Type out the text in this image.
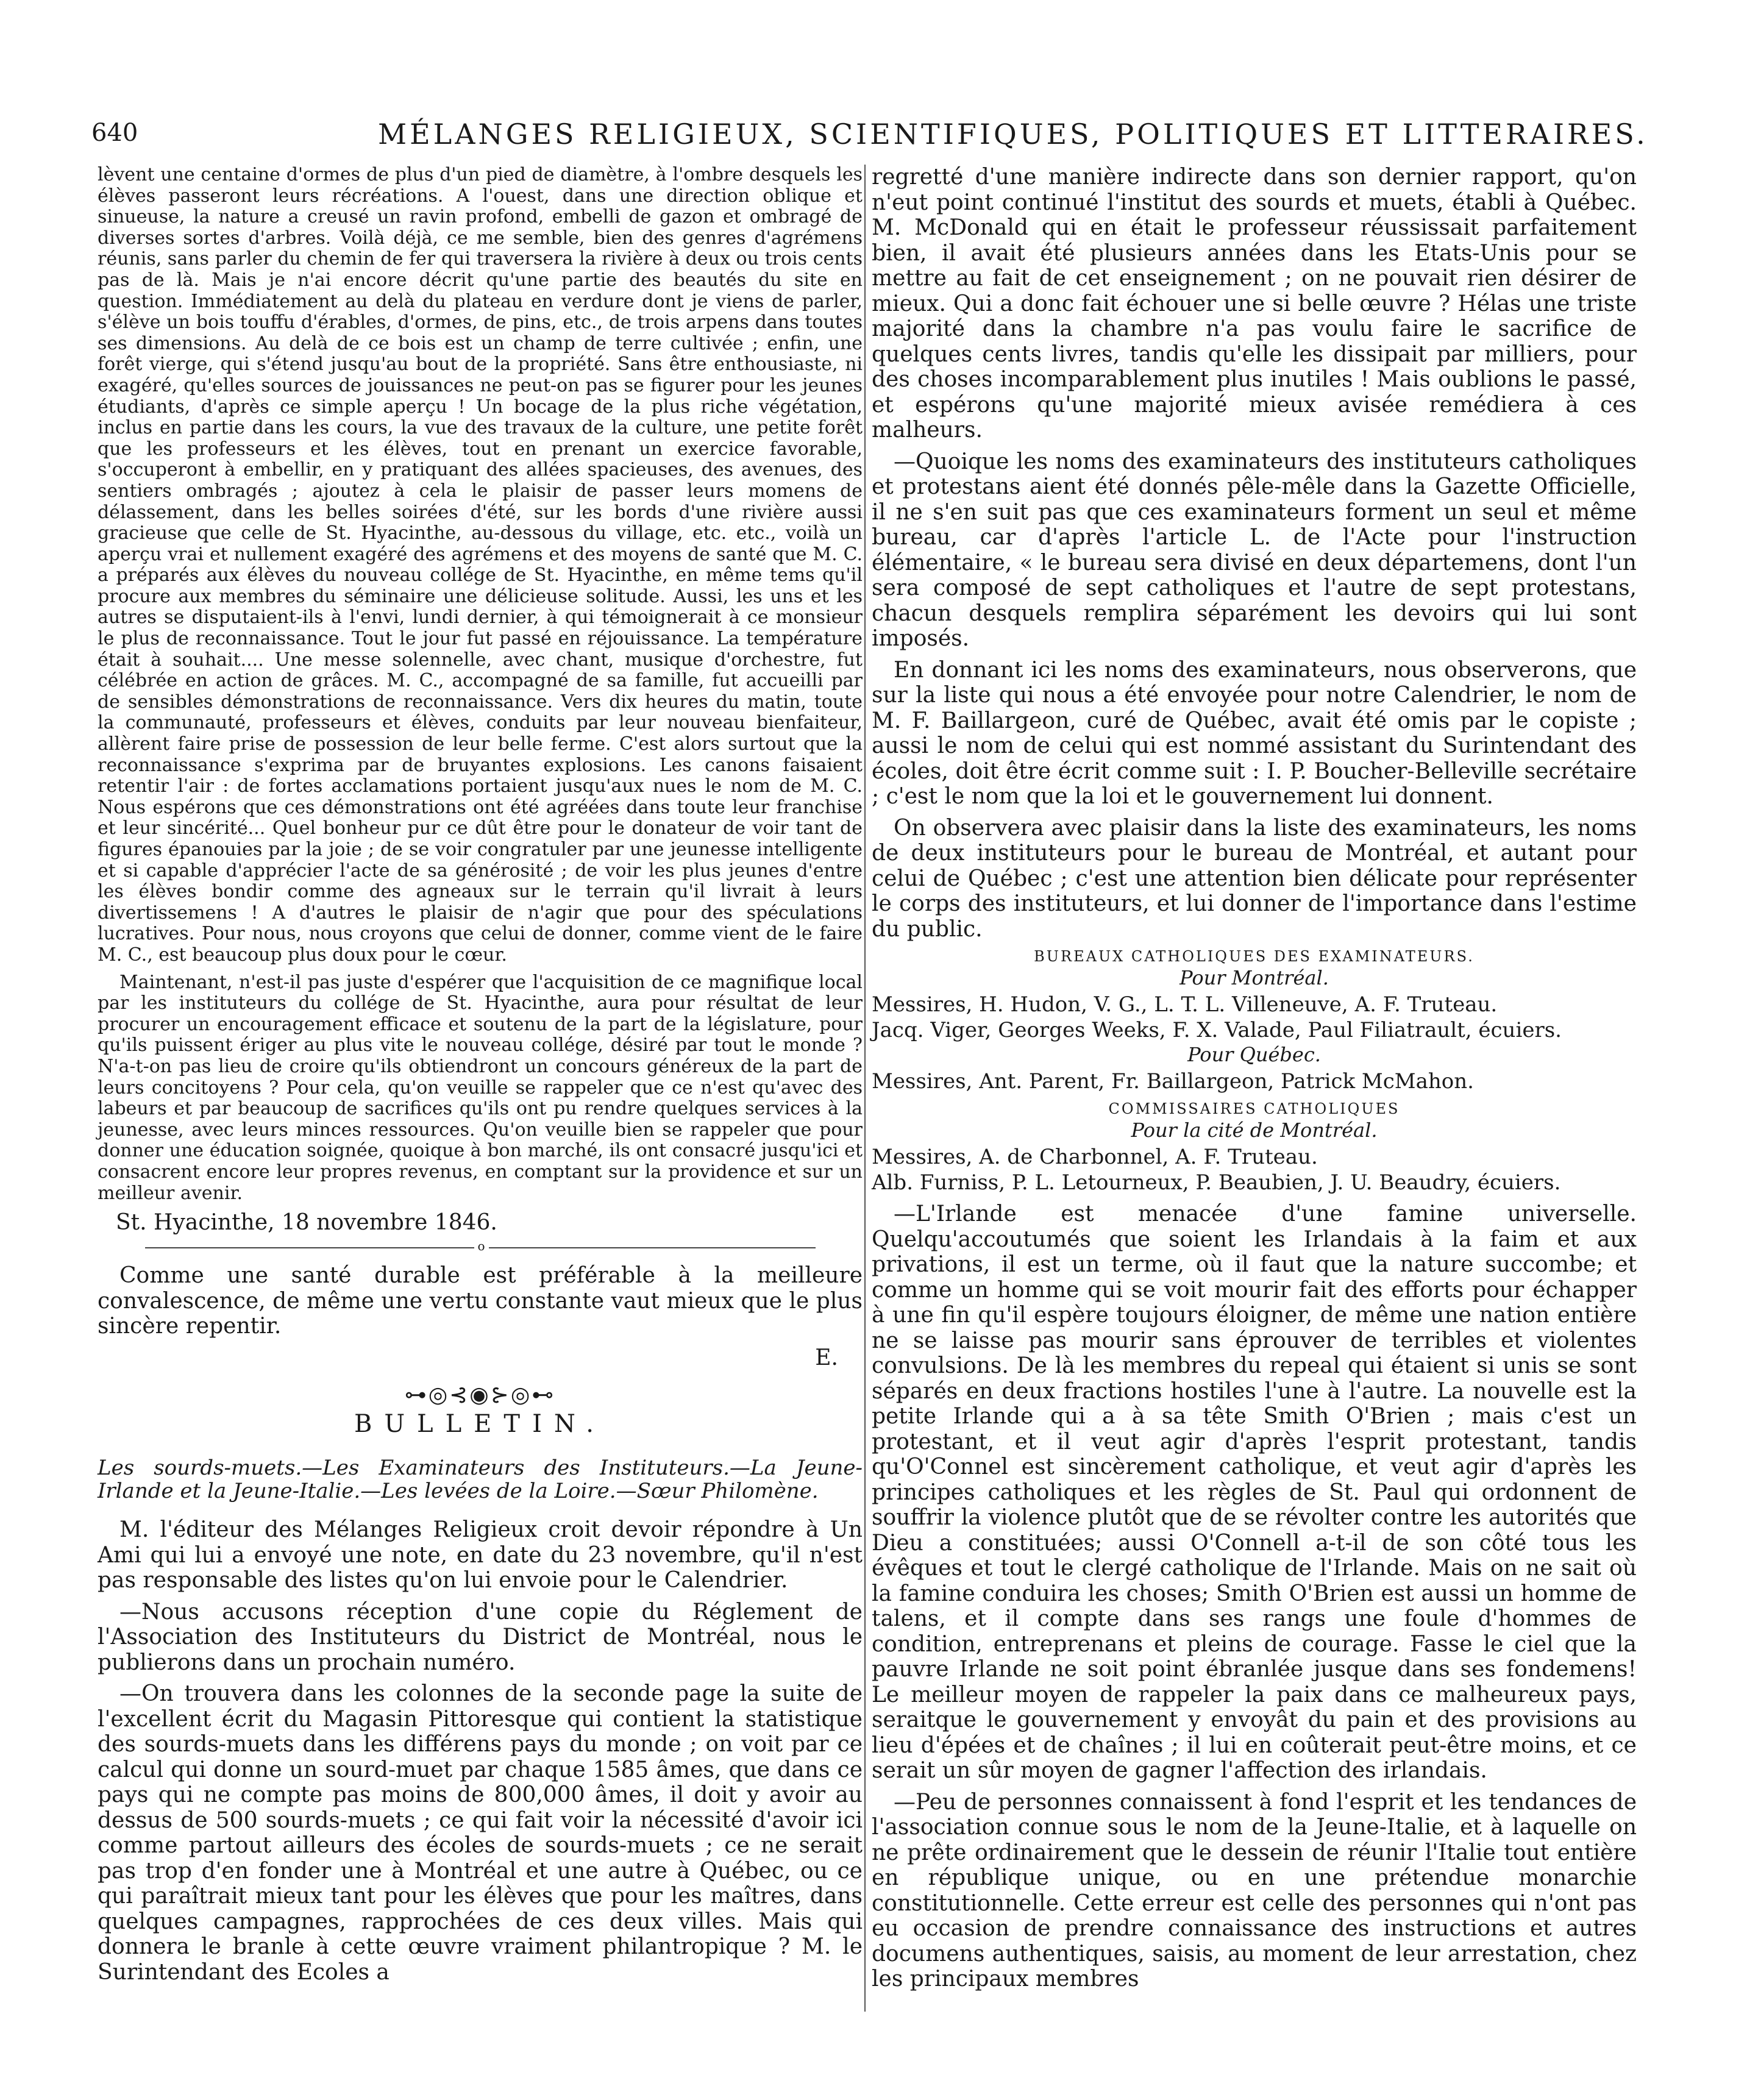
640	MÉLANGES RELIGIEUX, SCIENTIFIQUES, POLITIQUES ET LITTERAIRES.

lèvent une centaine d'ormes de plus d'un pied de diamètre, à l'ombre desquels les élèves passeront leurs récréations. A l'ouest, dans une direction oblique et sinueuse, la nature a creusé un ravin profond, embelli de gazon et ombragé de diverses sortes d'arbres. Voilà déjà, ce me semble, bien des genres d'agrémens réunis, sans parler du chemin de fer qui traversera la rivière à deux ou trois cents pas de là. Mais je n'ai encore décrit qu'une partie des beautés du site en question. Immédiatement au delà du plateau en verdure dont je viens de parler, s'élève un bois touffu d'érables, d'ormes, de pins, etc., de trois arpens dans toutes ses dimensions. Au delà de ce bois est un champ de terre cultivée ; enfin, une forêt vierge, qui s'étend jusqu'au bout de la propriété. Sans être enthousiaste, ni exagéré, qu'elles sources de jouissances ne peut-on pas se figurer pour les jeunes étudiants, d'après ce simple aperçu ! Un bocage de la plus riche végétation, inclus en partie dans les cours, la vue des travaux de la culture, une petite forêt que les professeurs et les élèves, tout en prenant un exercice favorable, s'occuperont à embellir, en y pratiquant des allées spacieuses, des avenues, des sentiers ombragés ; ajoutez à cela le plaisir de passer leurs momens de délassement, dans les belles soirées d'été, sur les bords d'une rivière aussi gracieuse que celle de St. Hyacinthe, au-dessous du village, etc. etc., voilà un aperçu vrai et nullement exagéré des agrémens et des moyens de santé que M. C. a préparés aux élèves du nouveau collége de St. Hyacinthe, en même tems qu'il procure aux membres du séminaire une délicieuse solitude. Aussi, les uns et les autres se disputaient-ils à l'envi, lundi dernier, à qui témoignerait à ce monsieur le plus de reconnaissance. Tout le jour fut passé en réjouissance. La température était à souhait.... Une messe solennelle, avec chant, musique d'orchestre, fut célébrée en action de grâces. M. C., accompagné de sa famille, fut accueilli par de sensibles démonstrations de reconnaissance. Vers dix heures du matin, toute la communauté, professeurs et élèves, conduits par leur nouveau bienfaiteur, allèrent faire prise de possession de leur belle ferme. C'est alors surtout que la reconnaissance s'exprima par de bruyantes explosions. Les canons faisaient retentir l'air : de fortes acclamations portaient jusqu'aux nues le nom de M. C. Nous espérons que ces démonstrations ont été agréées dans toute leur franchise et leur sincérité... Quel bonheur pur ce dût être pour le donateur de voir tant de figures épanouies par la joie ; de se voir congratuler par une jeunesse intelligente et si capable d'apprécier l'acte de sa générosité ; de voir les plus jeunes d'entre les élèves bondir comme des agneaux sur le terrain qu'il livrait à leurs divertissemens ! A d'autres le plaisir de n'agir que pour des spéculations lucratives. Pour nous, nous croyons que celui de donner, comme vient de le faire M. C., est beaucoup plus doux pour le cœur.

Maintenant, n'est-il pas juste d'espérer que l'acquisition de ce magnifique local par les instituteurs du collége de St. Hyacinthe, aura pour résultat de leur procurer un encouragement efficace et soutenu de la part de la législature, pour qu'ils puissent ériger au plus vite le nouveau collége, désiré par tout le monde ? N'a-t-on pas lieu de croire qu'ils obtiendront un concours généreux de la part de leurs concitoyens ? Pour cela, qu'on veuille se rappeler que ce n'est qu'avec des labeurs et par beaucoup de sacrifices qu'ils ont pu rendre quelques services à la jeunesse, avec leurs minces ressources. Qu'on veuille bien se rappeler que pour donner une éducation soignée, quoique à bon marché, ils ont consacré jusqu'ici et consacrent encore leur propres revenus, en comptant sur la providence et sur un meilleur avenir.

St. Hyacinthe, 18 novembre 1846.

o

Comme une santé durable est préférable à la meilleure convalescence, de même une vertu constante vaut mieux que le plus sincère repentir.

E.

⊶◎⊰◉⊱◎⊷
BULLETIN.

Les sourds-muets.—Les Examinateurs des Instituteurs.—La Jeune-Irlande et la Jeune-Italie.—Les levées de la Loire.—Sœur Philomène.

M. l'éditeur des Mélanges Religieux croit devoir répondre à Un Ami qui lui a envoyé une note, en date du 23 novembre, qu'il n'est pas responsable des listes qu'on lui envoie pour le Calendrier.

—Nous accusons réception d'une copie du Réglement de l'Association des Instituteurs du District de Montréal, nous le publierons dans un prochain numéro.

—On trouvera dans les colonnes de la seconde page la suite de l'excellent écrit du Magasin Pittoresque qui contient la statistique des sourds-muets dans les différens pays du monde ; on voit par ce calcul qui donne un sourd-muet par chaque 1585 âmes, que dans ce pays qui ne compte pas moins de 800,000 âmes, il doit y avoir au dessus de 500 sourds-muets ; ce qui fait voir la nécessité d'avoir ici comme partout ailleurs des écoles de sourds-muets ; ce ne serait pas trop d'en fonder une à Montréal et une autre à Québec, ou ce qui paraîtrait mieux tant pour les élèves que pour les maîtres, dans quelques campagnes, rapprochées de ces deux villes. Mais qui donnera le branle à cette œuvre vraiment philantropique ? M. le Surintendant des Ecoles a

regretté d'une manière indirecte dans son dernier rapport, qu'on n'eut point continué l'institut des sourds et muets, établi à Québec. M. McDonald qui en était le professeur réussissait parfaitement bien, il avait été plusieurs années dans les Etats-Unis pour se mettre au fait de cet enseignement ; on ne pouvait rien désirer de mieux. Qui a donc fait échouer une si belle œuvre ? Hélas une triste majorité dans la chambre n'a pas voulu faire le sacrifice de quelques cents livres, tandis qu'elle les dissipait par milliers, pour des choses incomparablement plus inutiles ! Mais oublions le passé, et espérons qu'une majorité mieux avisée remédiera à ces malheurs.

—Quoique les noms des examinateurs des instituteurs catholiques et protestans aient été donnés pêle-mêle dans la Gazette Officielle, il ne s'en suit pas que ces examinateurs forment un seul et même bureau, car d'après l'article L. de l'Acte pour l'instruction élémentaire, « le bureau sera divisé en deux départemens, dont l'un sera composé de sept catholiques et l'autre de sept protestans, chacun desquels remplira séparément les devoirs qui lui sont imposés.

En donnant ici les noms des examinateurs, nous observerons, que sur la liste qui nous a été envoyée pour notre Calendrier, le nom de M. F. Baillargeon, curé de Québec, avait été omis par le copiste ; aussi le nom de celui qui est nommé assistant du Surintendant des écoles, doit être écrit comme suit : I. P. Boucher-Belleville secrétaire ; c'est le nom que la loi et le gouvernement lui donnent.

On observera avec plaisir dans la liste des examinateurs, les noms de deux instituteurs pour le bureau de Montréal, et autant pour celui de Québec ; c'est une attention bien délicate pour représenter le corps des instituteurs, et lui donner de l'importance dans l'estime du public.

BUREAUX CATHOLIQUES DES EXAMINATEURS.
Pour Montréal.

Messires, H. Hudon, V. G., L. T. L. Villeneuve, A. F. Truteau.

Jacq. Viger, Georges Weeks, F. X. Valade, Paul Filiatrault, écuiers.

Pour Québec.

Messires, Ant. Parent, Fr. Baillargeon, Patrick McMahon.

COMMISSAIRES CATHOLIQUES
Pour la cité de Montréal.

Messires, A. de Charbonnel, A. F. Truteau.

Alb. Furniss, P. L. Letourneux, P. Beaubien, J. U. Beaudry, écuiers.

—L'Irlande est menacée d'une famine universelle. Quelqu'accoutumés que soient les Irlandais à la faim et aux privations, il est un terme, où il faut que la nature succombe; et comme un homme qui se voit mourir fait des efforts pour échapper à une fin qu'il espère toujours éloigner, de même une nation entière ne se laisse pas mourir sans éprouver de terribles et violentes convulsions. De là les membres du repeal qui étaient si unis se sont séparés en deux fractions hostiles l'une à l'autre. La nouvelle est la petite Irlande qui a à sa tête Smith O'Brien ; mais c'est un protestant, et il veut agir d'après l'esprit protestant, tandis qu'O'Connel est sincèrement catholique, et veut agir d'après les principes catholiques et les règles de St. Paul qui ordonnent de souffrir la violence plutôt que de se révolter contre les autorités que Dieu a constituées; aussi O'Connell a-t-il de son côté tous les évêques et tout le clergé catholique de l'Irlande. Mais on ne sait où la famine conduira les choses; Smith O'Brien est aussi un homme de talens, et il compte dans ses rangs une foule d'hommes de condition, entreprenans et pleins de courage. Fasse le ciel que la pauvre Irlande ne soit point ébranlée jusque dans ses fondemens! Le meilleur moyen de rappeler la paix dans ce malheureux pays, seraitque le gouvernement y envoyât du pain et des provisions au lieu d'épées et de chaînes ; il lui en coûterait peut-être moins, et ce serait un sûr moyen de gagner l'affection des irlandais.

—Peu de personnes connaissent à fond l'esprit et les tendances de l'association connue sous le nom de la Jeune-Italie, et à laquelle on ne prête ordinairement que le dessein de réunir l'Italie tout entière en république unique, ou en une prétendue monarchie constitutionnelle. Cette erreur est celle des personnes qui n'ont pas eu occasion de prendre connaissance des instructions et autres documens authentiques, saisis, au moment de leur arrestation, chez les principaux membres
